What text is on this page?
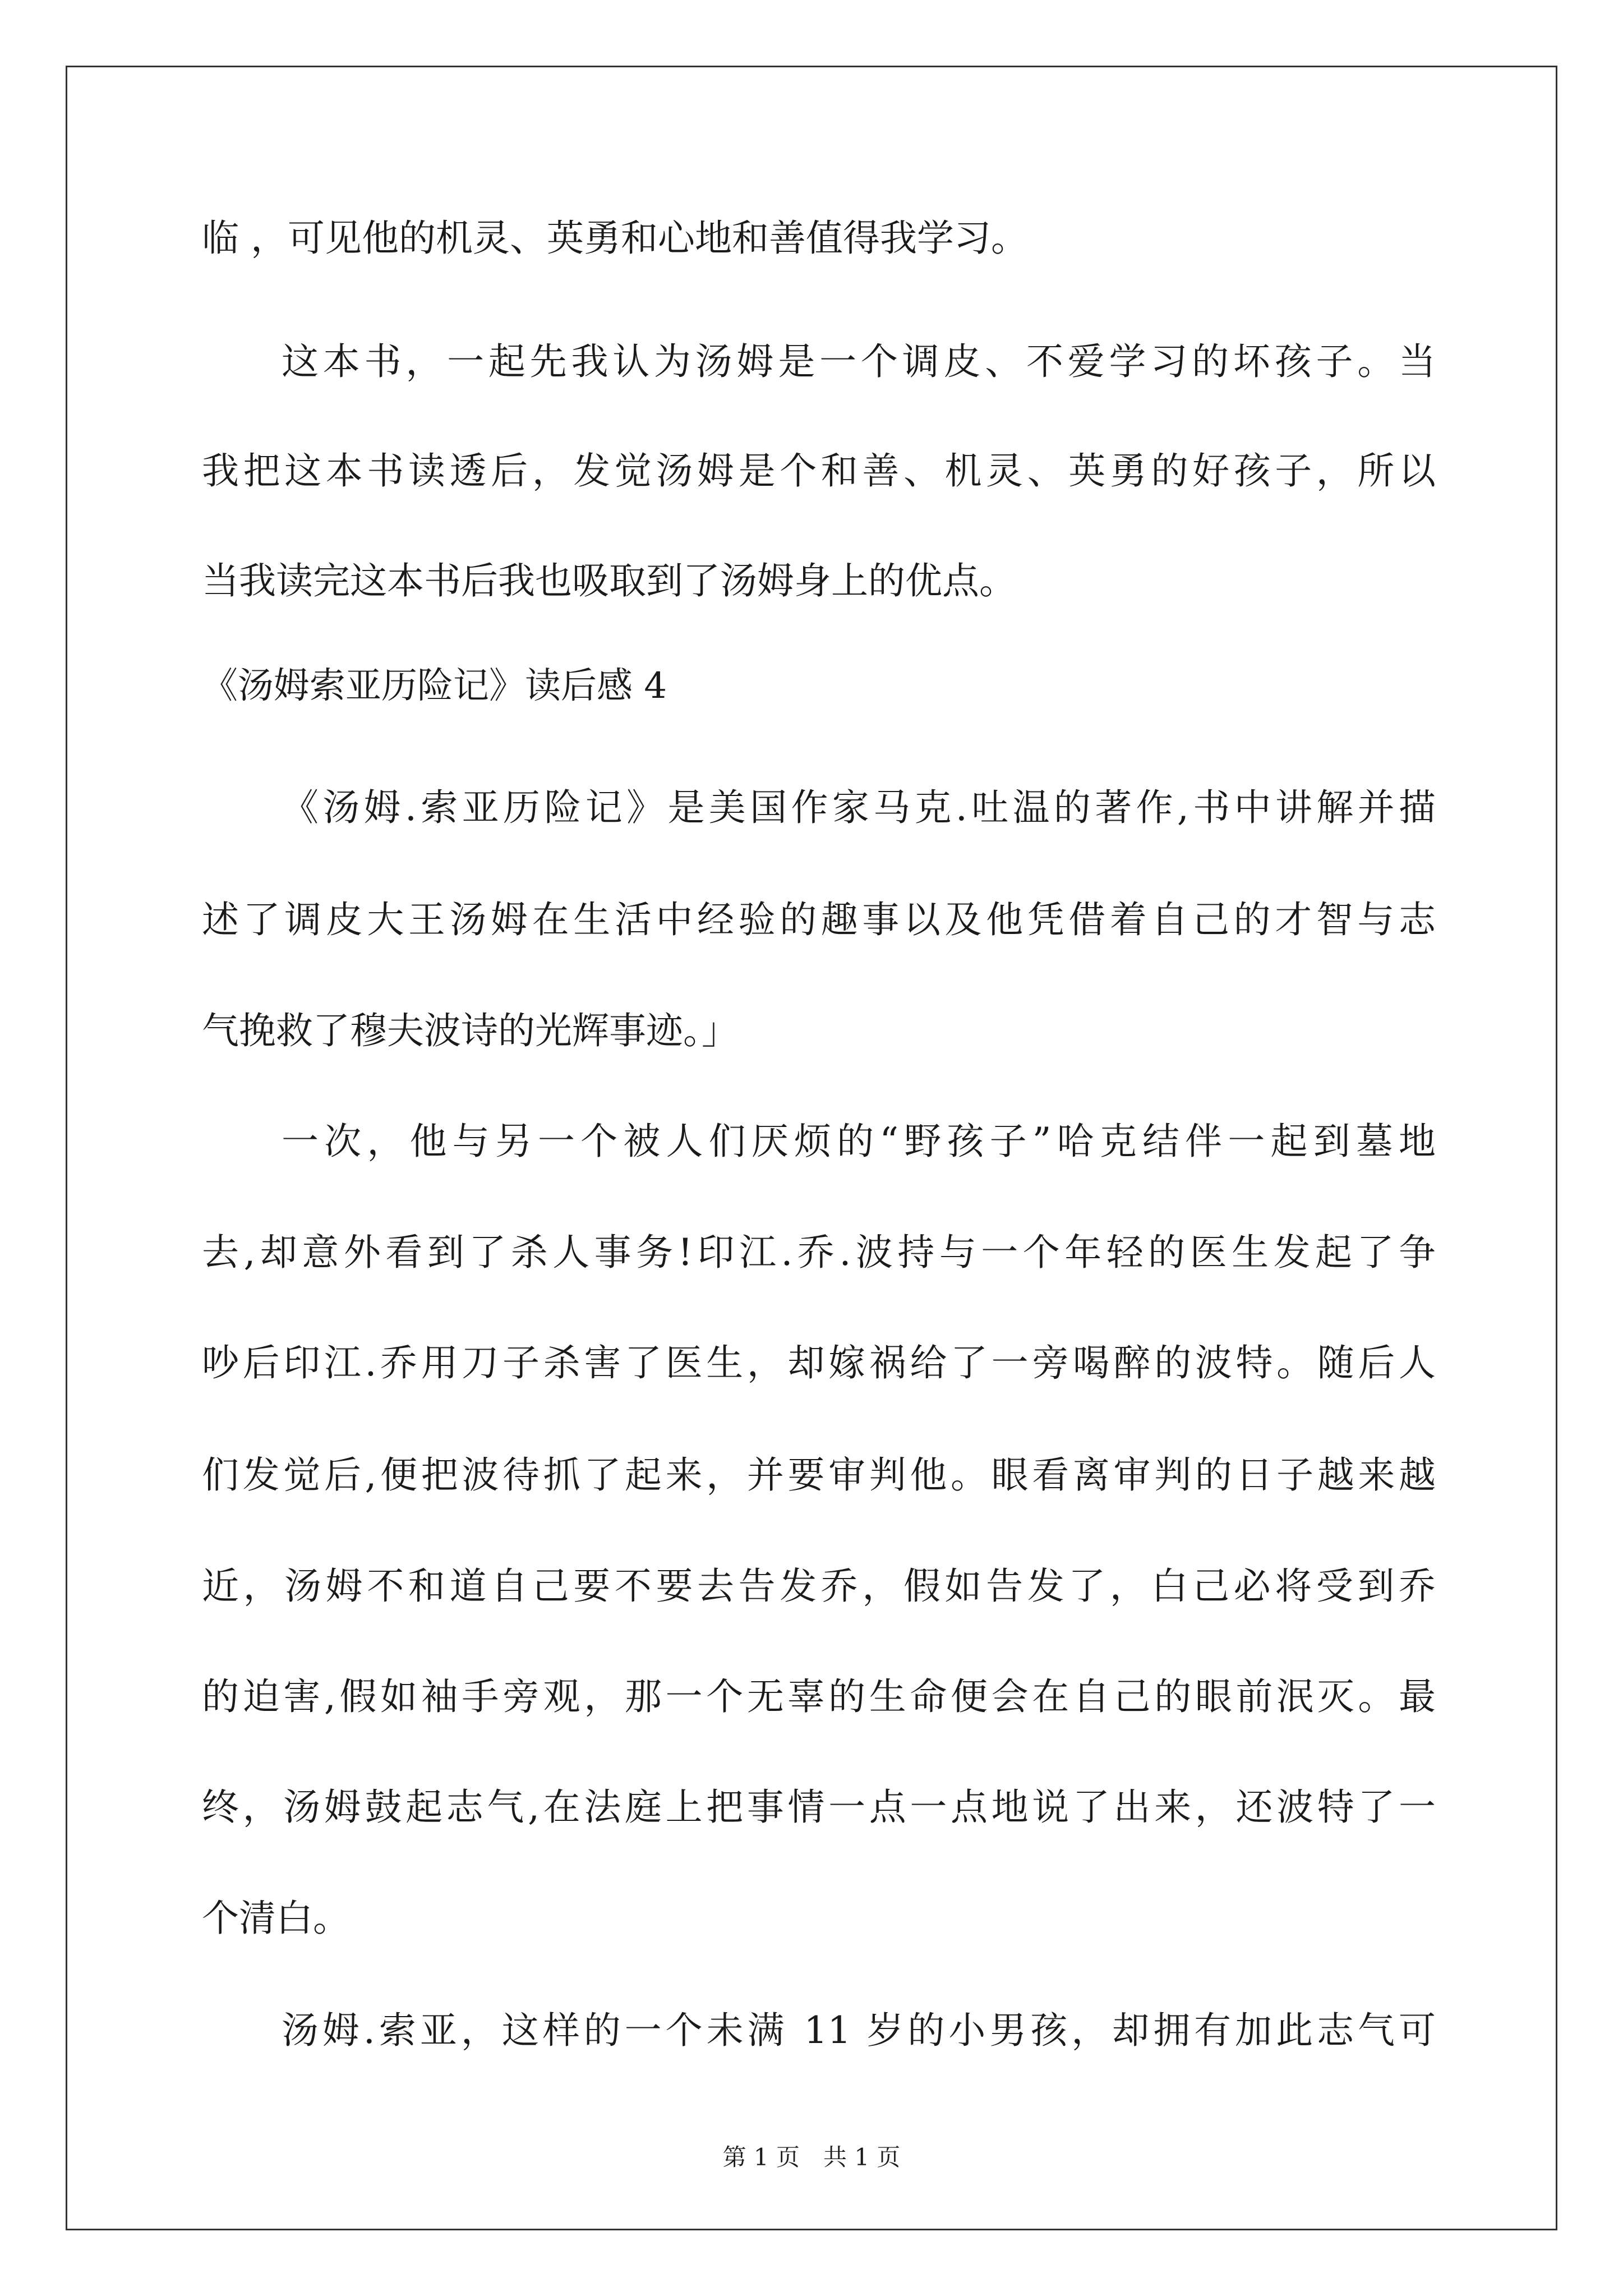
临 ，可见他的机灵、英勇和心地和善值得我学习。
这本书，一起先我认为汤姆是一个调皮、不爱学习的坏孩子。当
我把这本书读透后，发觉汤姆是个和善、机灵、英勇的好孩子，所以
当我读完这本书后我也吸取到了汤姆身上的优点。
《汤姆索亚历险记》读后感 4
《汤姆.索亚历险记》是美国作家马克.吐温的著作,书中讲解并描
述了调皮大王汤姆在生活中经验的趣事以及他凭借着自己的才智与志
气挽救了穆夫波诗的光辉事迹。」
一次，他与另一个被人们厌烦的“野孩子”哈克结伴一起到墓地
去,却意外看到了杀人事务!印江.乔.波持与一个年轻的医生发起了争
吵后印江.乔用刀子杀害了医生，却嫁祸给了一旁喝醉的波特。随后人
们发觉后,便把波待抓了起来，并要审判他。眼看离审判的日子越来越
近，汤姆不和道自己要不要去告发乔，假如告发了，白己必将受到乔
的迫害,假如袖手旁观，那一个无辜的生命便会在自己的眼前泯灭。最
终，汤姆鼓起志气,在法庭上把事情一点一点地说了出来，还波特了一
个清白。
汤姆.索亚，这样的一个未满 11 岁的小男孩，却拥有加此志气可
第 1 页　共 1 页
